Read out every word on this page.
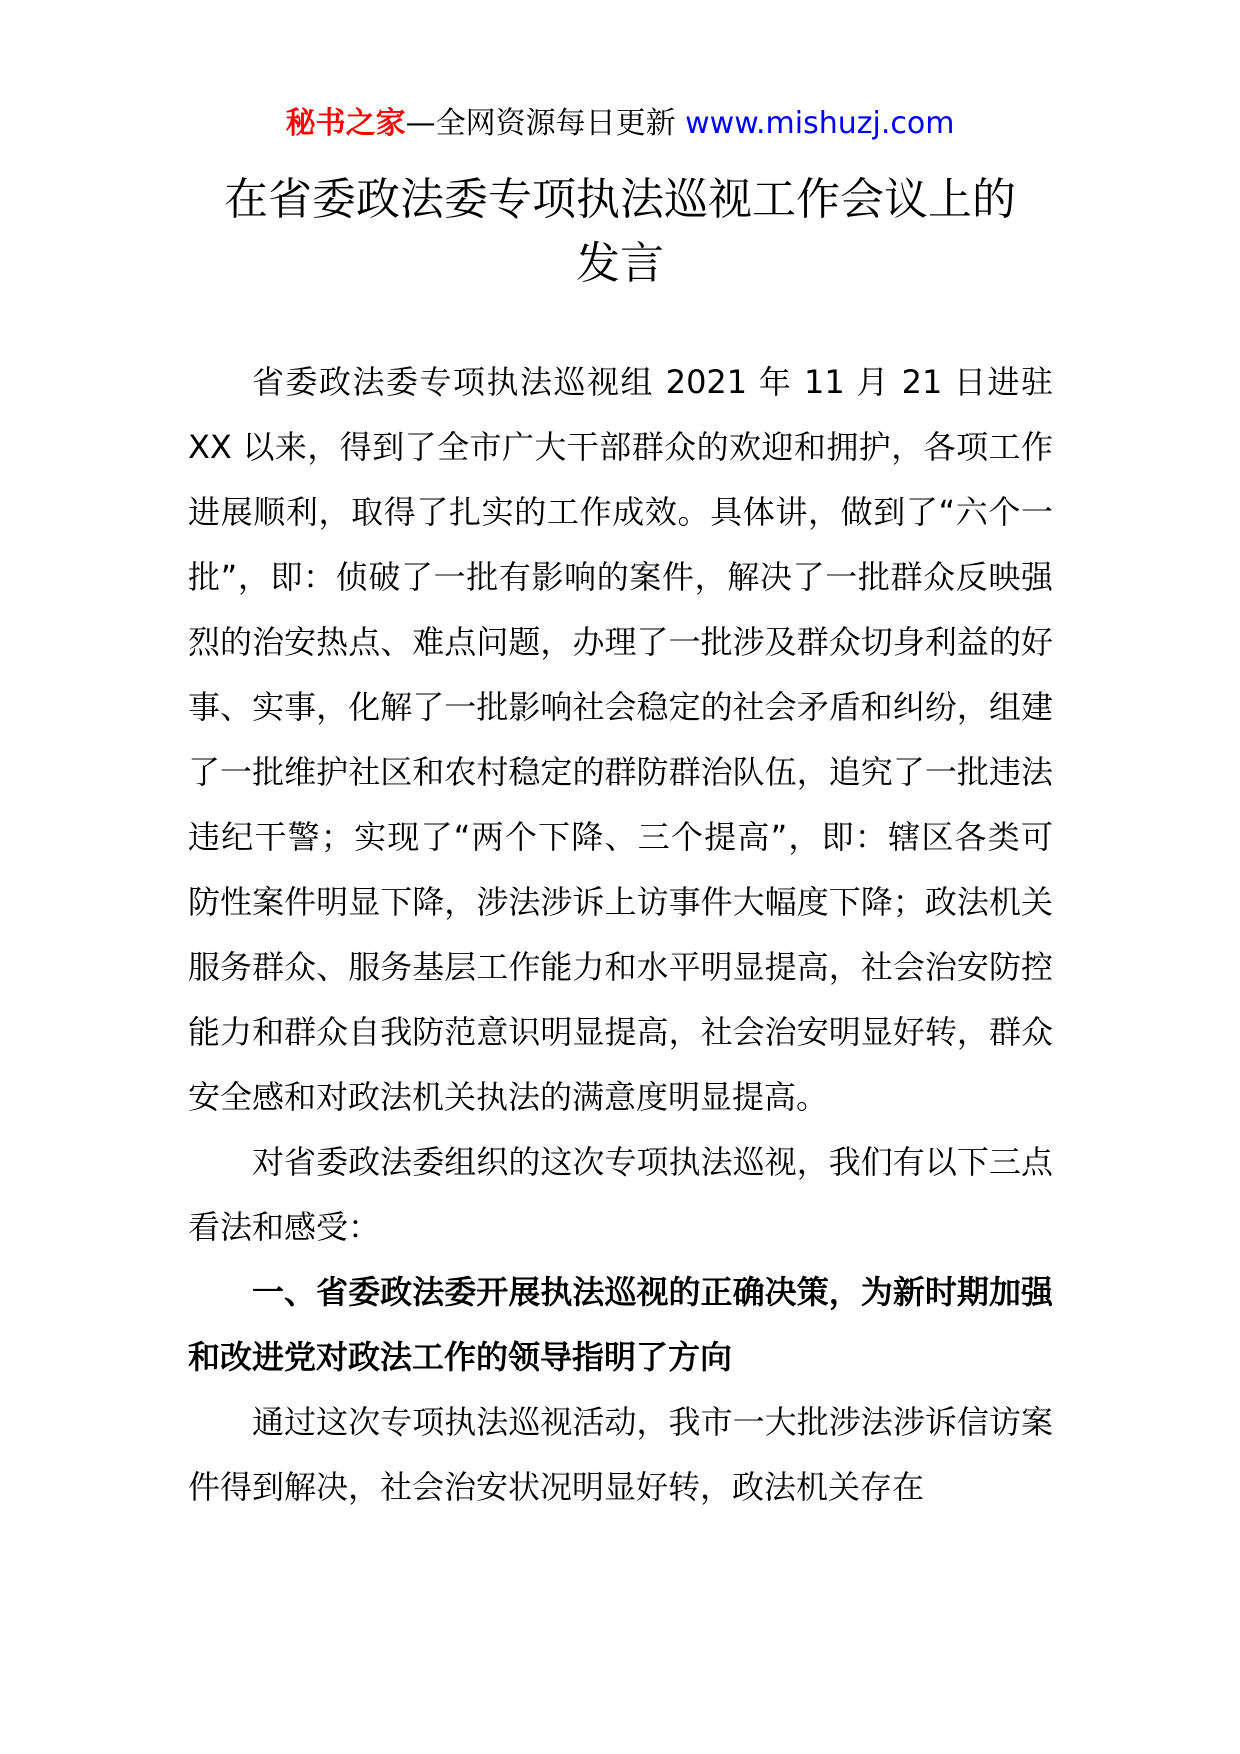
秘书之家—全网资源每日更新 www.mishuzj.com
在省委政法委专项执法巡视工作会议上的
发言

省委政法委专项执法巡视组 2021 年 11 月 21 日进驻 XX 以来，得到了全市广大干部群众的欢迎和拥护，各项工作进展顺利，取得了扎实的工作成效。具体讲，做到了“六个一批”，即：侦破了一批有影响的案件，解决了一批群众反映强烈的治安热点、难点问题，办理了一批涉及群众切身利益的好事、实事，化解了一批影响社会稳定的社会矛盾和纠纷，组建了一批维护社区和农村稳定的群防群治队伍，追究了一批违法违纪干警；实现了“两个下降、三个提高”，即：辖区各类可防性案件明显下降，涉法涉诉上访事件大幅度下降；政法机关服务群众、服务基层工作能力和水平明显提高，社会治安防控能力和群众自我防范意识明显提高，社会治安明显好转，群众安全感和对政法机关执法的满意度明显提高。

对省委政法委组织的这次专项执法巡视，我们有以下三点看法和感受：

一、省委政法委开展执法巡视的正确决策，为新时期加强和改进党对政法工作的领导指明了方向

通过这次专项执法巡视活动，我市一大批涉法涉诉信访案件得到解决，社会治安状况明显好转，政法机关存在
